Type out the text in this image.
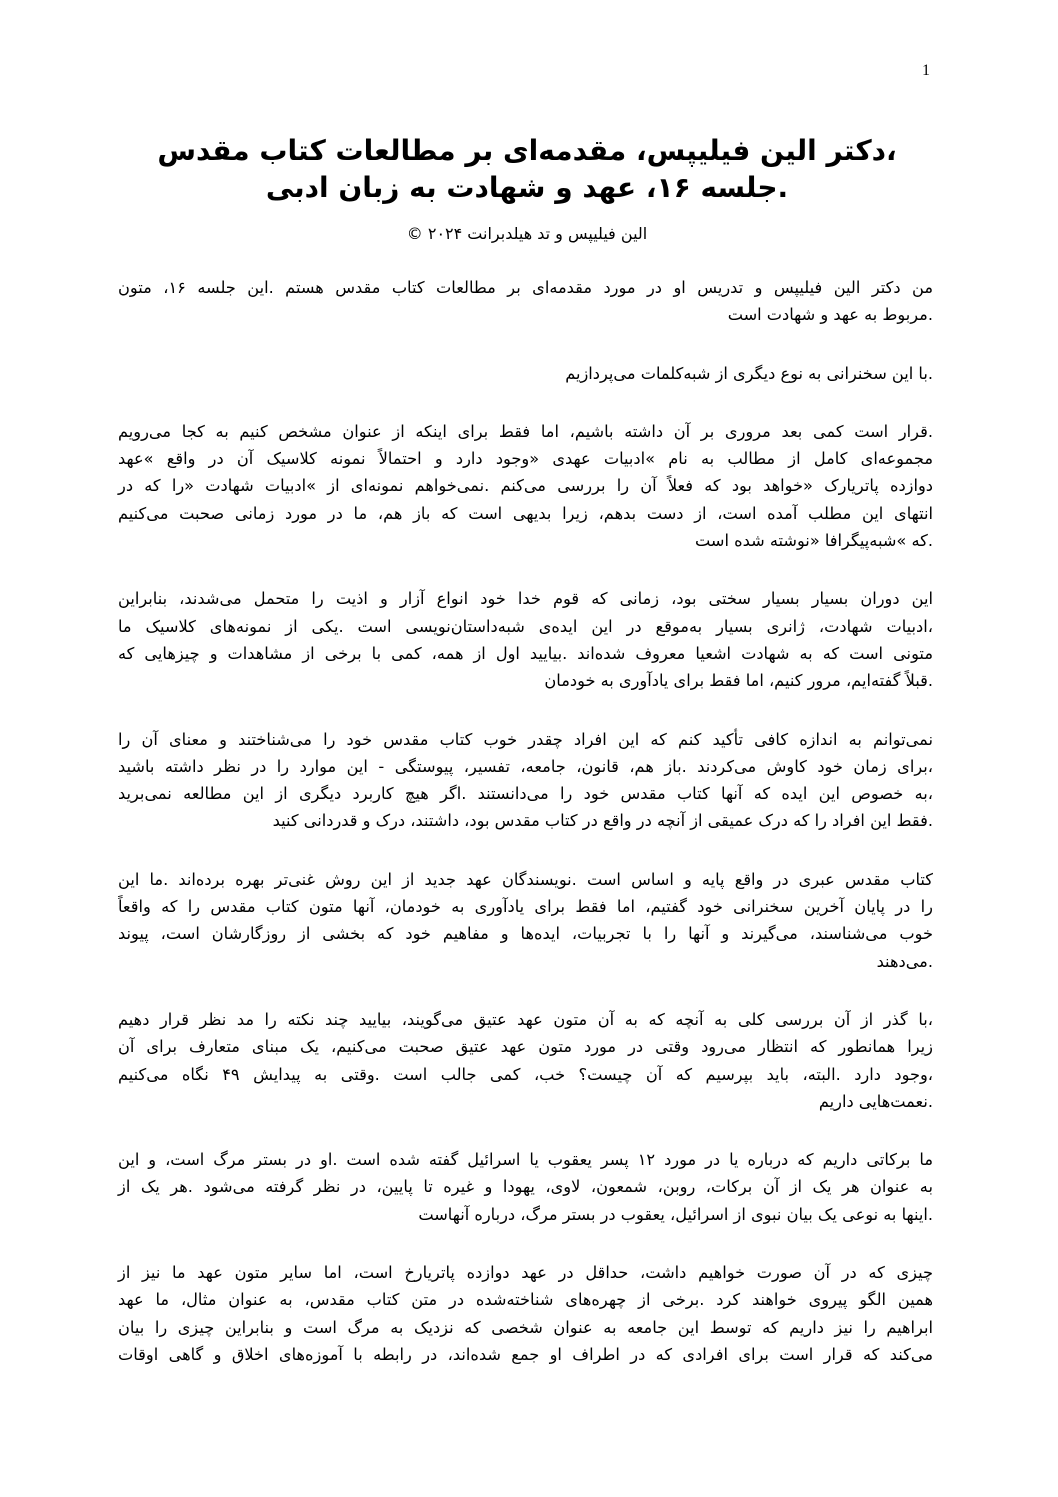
1
،دکتر الین فیلیپس، مقدمه‌ای بر مطالعات کتاب مقدس
.جلسه ۱۶، عهد و شهادت به زبان ادبی
الین فیلیپس و تد هیلدبرانت ۲۰۲۴ ©
من دکتر الین فیلیپس و تدریس او در مورد مقدمه‌ای بر مطالعات کتاب مقدس هستم .این جلسه ۱۶، متون
.مربوط به عهد و شهادت است
.با این سخنرانی به نوع دیگری از شبه‌کلمات می‌پردازیم
.قرار است کمی بعد مروری بر آن داشته باشیم، اما فقط برای اینکه از عنوان مشخص کنیم به کجا می‌رویم
مجموعه‌ای کامل از مطالب به نام »ادبیات عهدی «وجود دارد و احتمالاً نمونه کلاسیک آن در واقع »عهد
دوازده پاتریارک «خواهد بود که فعلاً آن را بررسی می‌کنم .نمی‌خواهم نمونه‌ای از »ادبیات شهادت «را که در
انتهای این مطلب آمده است، از دست بدهم، زیرا بدیهی است که باز هم، ما در مورد زمانی صحبت می‌کنیم
.که »شبه‌پیگرافا «نوشته شده است
این دوران بسیار بسیار سختی بود، زمانی که قوم خدا خود انواع آزار و اذیت را متحمل می‌شدند، بنابراین
،ادبیات شهادت، ژانری بسیار به‌موقع در این ایده‌ی شبه‌داستان‌نویسی است .یکی از نمونه‌های کلاسیک ما
متونی است که به شهادت اشعیا معروف شده‌اند .بیایید اول از همه، کمی با برخی از مشاهدات و چیزهایی که
.قبلاً گفته‌ایم، مرور کنیم، اما فقط برای یادآوری به خودمان
نمی‌توانم به اندازه کافی تأکید کنم که این افراد چقدر خوب کتاب مقدس خود را می‌شناختند و معنای آن را
،برای زمان خود کاوش می‌کردند .باز هم، قانون، جامعه، تفسیر، پیوستگی - این موارد را در نظر داشته باشید
،به خصوص این ایده که آنها کتاب مقدس خود را می‌دانستند .اگر هیچ کاربرد دیگری از این مطالعه نمی‌برید
.فقط این افراد را که درک عمیقی از آنچه در واقع در کتاب مقدس بود، داشتند، درک و قدردانی کنید
کتاب مقدس عبری در واقع پایه و اساس است .نویسندگان عهد جدید از این روش غنی‌تر بهره برده‌اند .ما این
را در پایان آخرین سخنرانی خود گفتیم، اما فقط برای یادآوری به خودمان، آنها متون کتاب مقدس را که واقعاً
خوب می‌شناسند، می‌گیرند و آنها را با تجربیات، ایده‌ها و مفاهیم خود که بخشی از روزگارشان است، پیوند
.می‌دهند
،با گذر از آن بررسی کلی به آنچه که به آن متون عهد عتیق می‌گویند، بیایید چند نکته را مد نظر قرار دهیم
زیرا همانطور که انتظار می‌رود وقتی در مورد متون عهد عتیق صحبت می‌کنیم، یک مبنای متعارف برای آن
،وجود دارد .البته، باید بپرسیم که آن چیست؟ خب، کمی جالب است .وقتی به پیدایش ۴۹ نگاه می‌کنیم
.نعمت‌هایی داریم
ما برکاتی داریم که درباره یا در مورد ۱۲ پسر یعقوب یا اسرائیل گفته شده است .او در بستر مرگ است، و این
به عنوان هر یک از آن برکات، روبن، شمعون، لاوی، یهودا و غیره تا پایین، در نظر گرفته می‌شود .هر یک از
.اینها به نوعی یک بیان نبوی از اسرائیل، یعقوب در بستر مرگ، درباره آنهاست
چیزی که در آن صورت خواهیم داشت، حداقل در عهد دوازده پاتریارخ است، اما سایر متون عهد ما نیز از
همین الگو پیروی خواهند کرد .برخی از چهره‌های شناخته‌شده در متن کتاب مقدس، به عنوان مثال، ما عهد
ابراهیم را نیز داریم که توسط این جامعه به عنوان شخصی که نزدیک به مرگ است و بنابراین چیزی را بیان
می‌کند که قرار است برای افرادی که در اطراف او جمع شده‌اند، در رابطه با آموزه‌های اخلاق و گاهی اوقات
